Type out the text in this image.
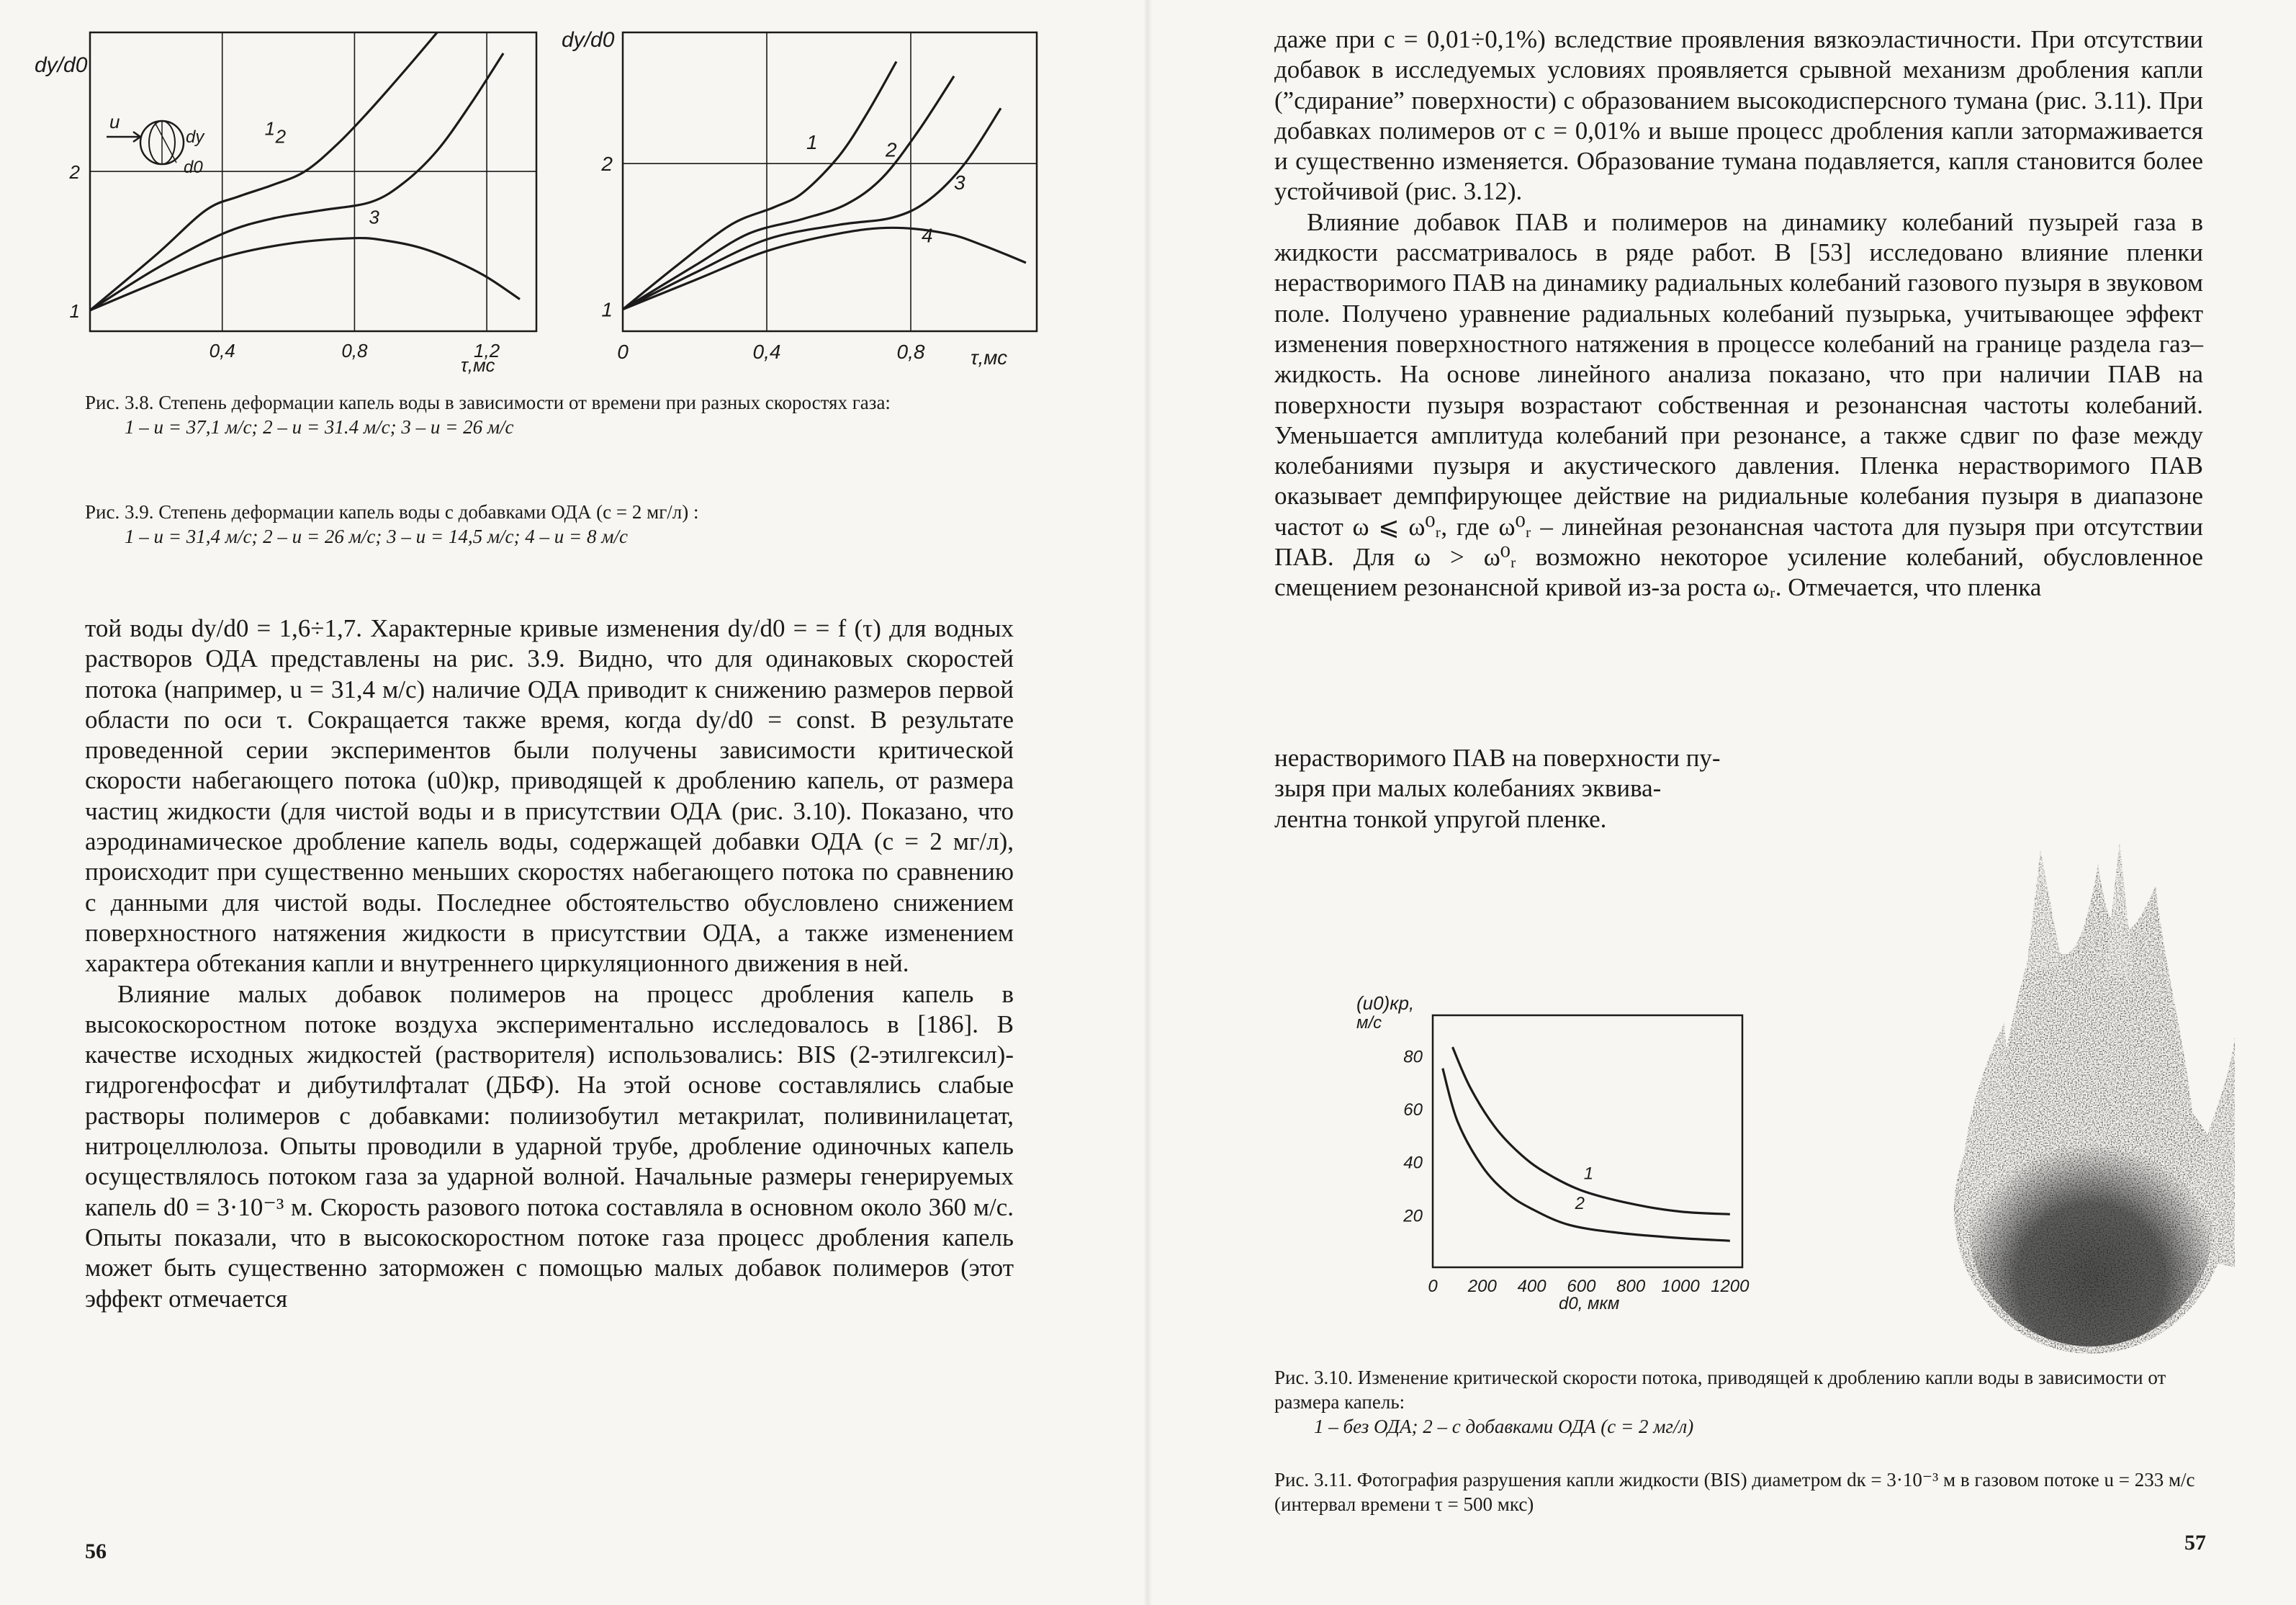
dy/d0
u
dy
d0
1
2
0,4	0,8	1,2
τ,мс
1 2
3
dy/d0
1
2
0	0,4	0,8 τ,мс
1	2
3
4

Рис. 3.8. Степень деформации капель воды в зависимости от времени при разных скоростях газа:

1 – u = 37,1 м/с; 2 – u = 31.4 м/с; 3 – u = 26 м/с

Рис. 3.9. Степень деформации капель воды с добавками ОДА (c = 2 мг/л) :

1 – u = 31,4 м/с; 2 – u = 26 м/с; 3 – u = 14,5 м/с; 4 – u = 8 м/с

той воды dy/d0 = 1,6÷1,7. Характерные кривые изменения dy/d0 = = f (τ) для водных растворов ОДА представлены на рис. 3.9. Видно, что для одинаковых скоростей потока (например, u = 31,4 м/с) наличие ОДА приводит к снижению размеров первой области по оси τ. Сокращается также время, когда dy/d0 = const. В результате проведенной серии экспериментов были получены зависимости критической скорости набегающего потока (u0)кр, приводящей к дроблению капель, от размера частиц жидкости (для чистой воды и в присутствии ОДА (рис. 3.10). Показано, что аэродинамическое дробление капель воды, содержащей добавки ОДА (c = 2 мг/л), происходит при существенно меньших скоростях набегающего потока по сравнению с данными для чистой воды. Последнее обстоятельство обусловлено снижением поверхностного натяжения жидкости в присутствии ОДА, а также изменением характера обтекания капли и внутреннего циркуляционного движения в ней.

Влияние малых добавок полимеров на процесс дробления капель в высокоскоростном потоке воздуха экспериментально исследовалось в [186]. В качестве исходных жидкостей (растворителя) использовались: BIS (2-этилгексил)-гидрогенфосфат и дибутилфталат (ДБФ). На этой основе составлялись слабые растворы полимеров с добавками: полиизобутил метакрилат, поливинилацетат, нитроцеллюлоза. Опыты проводили в ударной трубе, дробление одиночных капель осуществлялось потоком газа за ударной волной. Начальные размеры генерируемых капель d0 = 3·10⁻³ м. Скорость разового потока составляла в основном около 360 м/с. Опыты показали, что в высокоскоростном потоке газа процесс дробления капель может быть существенно заторможен с помощью малых добавок полимеров (этот эффект отмечается

56

даже при c = 0,01÷0,1%) вследствие проявления вязкоэластичности. При отсутствии добавок в исследуемых условиях проявляется срывной механизм дробления капли (”сдирание” поверхности) с образованием высокодисперсного тумана (рис. 3.11). При добавках полимеров от c = 0,01% и выше процесс дробления капли затормаживается и существенно изменяется. Образование тумана подавляется, капля становится более устойчивой (рис. 3.12).

Влияние добавок ПАВ и полимеров на динамику колебаний пузырей газа в жидкости рассматривалось в ряде работ. В [53] исследовано влияние пленки нерастворимого ПАВ на динамику радиальных колебаний газового пузыря в звуковом поле. Получено уравнение радиальных колебаний пузырька, учитывающее эффект изменения поверхностного натяжения в процессе колебаний на границе раздела газ–жидкость. На основе линейного анализа показано, что при наличии ПАВ на поверхности пузыря возрастают собственная и резонансная частоты колебаний. Уменьшается амплитуда колебаний при резонансе, а также сдвиг по фазе между колебаниями пузыря и акустического давления. Пленка нерастворимого ПАВ оказывает демпфирующее действие на ридиальные колебания пузыря в диапазоне частот ω ⩽ ω⁰ᵣ, где ω⁰ᵣ – линейная резонансная частота для пузыря при отсутствии ПАВ. Для ω > ω⁰ᵣ возможно некоторое усиление колебаний, обусловленное смещением резонансной кривой из-за роста ωᵣ. Отмечается, что пленка

нерастворимого ПАВ на поверхности пу-
зыря при малых колебаниях эквива-
лентна тонкой упругой пленке.
(u0)кр,
м/с
20
40
60
80
0 200 400 600 800 1000 1200
d0, мкм
1
2

Рис. 3.10. Изменение критической скорости потока, приводящей к дроблению капли воды в зависимости от размера капель:

1 – без ОДА; 2 – с добавками ОДА (c = 2 мг/л)

Рис. 3.11. Фотография разрушения капли жидкости (BIS) диаметром dк = 3·10⁻³ м в газовом потоке u = 233 м/с (интервал времени τ = 500 мкс)

57
